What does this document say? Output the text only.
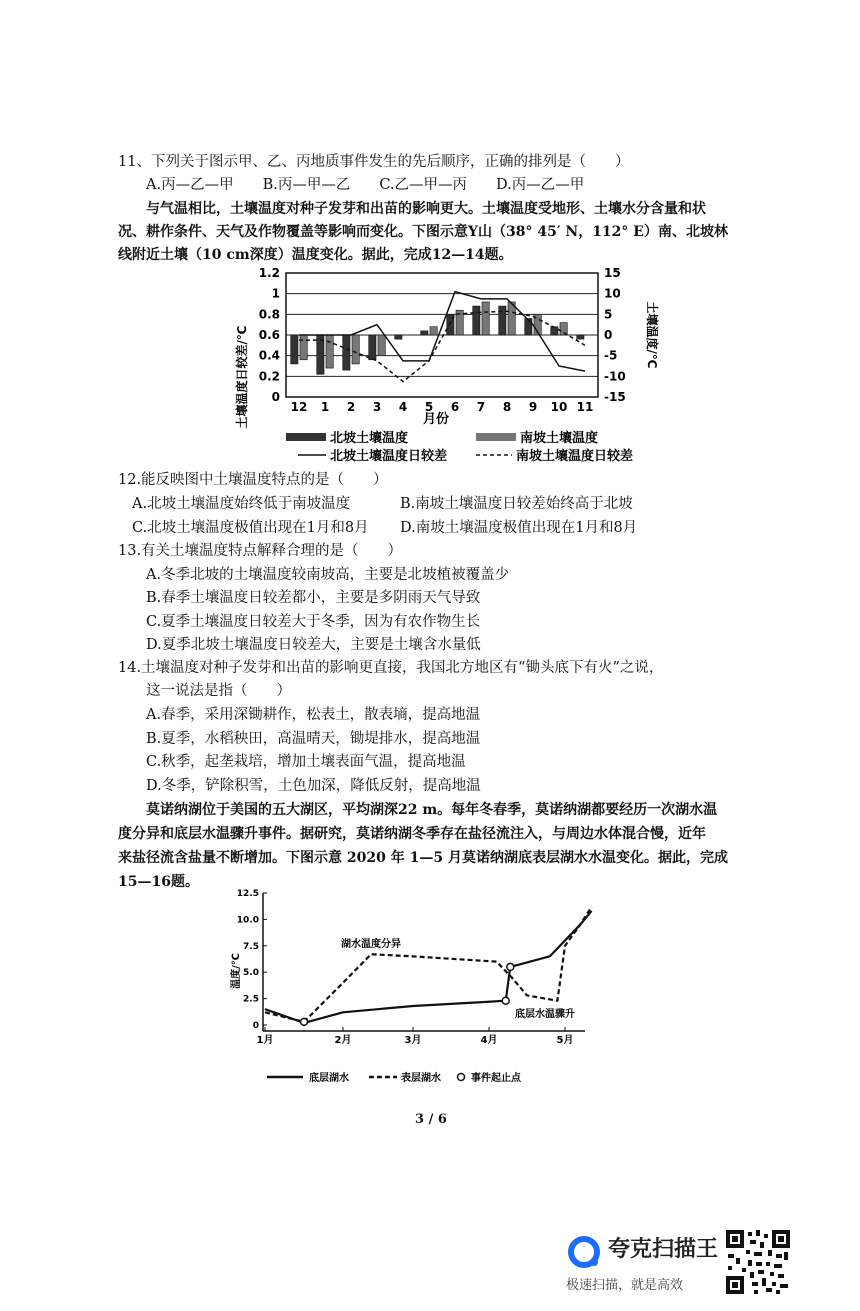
11、下列关于图示甲、乙、丙地质事件发生的先后顺序，正确的排列是（　　）
A.丙—乙—甲　　B.丙—甲—乙　　C.乙—甲—丙　　D.丙—乙—甲
与气温相比，土壤温度对种子发芽和出苗的影响更大。土壤温度受地形、土壤水分含量和状
况、耕作条件、天气及作物覆盖等影响而变化。下图示意Y山（38° 45′ N，112° E）南、北坡林
线附近土壤（10 cm深度）温度变化。据此，完成12—14题。
0
0.2
0.4
0.6
0.8
1
1.2
-15
-10
-5
0
5
10
15
12 1 2 3 4 5 6 7 8 9 10 11
土壤温度日较差/℃	土壤温度/℃
月份
北坡土壤温度	南坡土壤温度
北坡土壤温度日较差	南坡土壤温度日较差
12.能反映图中土壤温度特点的是（　　）
A.北坡土壤温度始终低于南坡温度	B.南坡土壤温度日较差始终高于北坡
C.北坡土壤温度极值出现在1月和8月 D.南坡土壤温度极值出现在1月和8月
13.有关土壤温度特点解释合理的是（　　）
A.冬季北坡的土壤温度较南坡高，主要是北坡植被覆盖少
B.春季土壤温度日较差都小，主要是多阴雨天气导致
C.夏季土壤温度日较差大于冬季，因为有农作物生长
D.夏季北坡土壤温度日较差大，主要是土壤含水量低
14.土壤温度对种子发芽和出苗的影响更直接，我国北方地区有“锄头底下有火”之说，
这一说法是指（　　）
A.春季，采用深锄耕作，松表土，散表墒，提高地温
B.夏季，水稻秧田，高温晴天，锄堤排水，提高地温
C.秋季，起垄栽培，增加土壤表面气温，提高地温
D.冬季，铲除积雪，土色加深，降低反射，提高地温
莫诺纳湖位于美国的五大湖区，平均湖深22 m。每年冬春季，莫诺纳湖都要经历一次湖水温
度分异和底层水温骤升事件。据研究，莫诺纳湖冬季存在盐径流注入，与周边水体混合慢，近年
来盐径流含盐量不断增加。下图示意 2020 年 1—5 月莫诺纳湖底表层湖水水温变化。据此，完成
15—16题。
0
2.5
5.0
7.5
10.0
12.5
1月	2月	3月	4月	5月
温度/℃
湖水温度分异
底层水温骤升
底层湖水	表层湖水	事件起止点
3 / 6
夸克扫描王
极速扫描，就是高效
